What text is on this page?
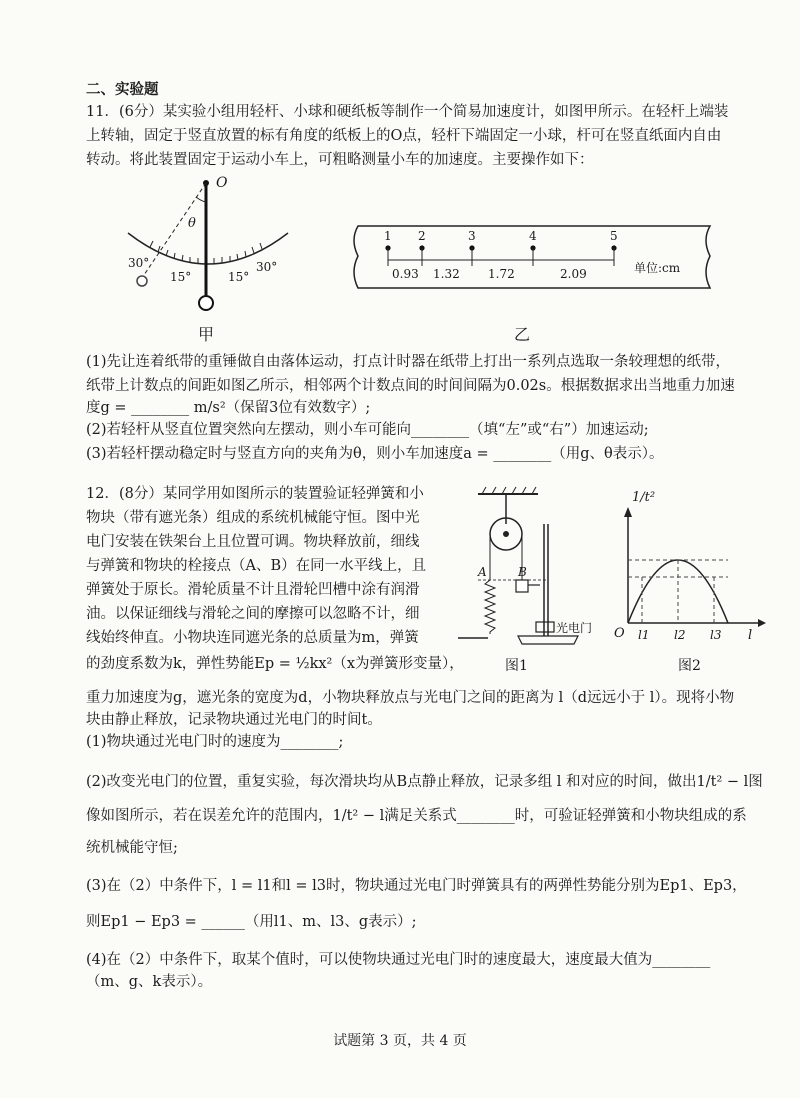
二、实验题
11．(6分）某实验小组用轻杆、小球和硬纸板等制作一个简易加速度计，如图甲所示。在轻杆上端装
上转轴，固定于竖直放置的标有角度的纸板上的O点，轻杆下端固定一小球，杆可在竖直纸面内自由
转动。将此装置固定于运动小车上，可粗略测量小车的加速度。主要操作如下：
O
θ
30°
15°	15°
30°
甲
1 2	3	4	5
0.93 1.32 1.72	2.09	单位:cm
乙
(1)先让连着纸带的重锤做自由落体运动，打点计时器在纸带上打出一系列点选取一条较理想的纸带，
纸带上计数点的间距如图乙所示，相邻两个计数点间的时间间隔为0.02s。根据数据求出当地重力加速
度g = ________ m/s²（保留3位有效数字）;
(2)若轻杆从竖直位置突然向左摆动，则小车可能向________（填“左”或“右”）加速运动;
(3)若轻杆摆动稳定时与竖直方向的夹角为θ，则小车加速度a = ________（用g、θ表示）。
12．(8分）某同学用如图所示的装置验证轻弹簧和小
物块（带有遮光条）组成的系统机械能守恒。图中光
电门安装在铁架台上且位置可调。物块释放前，细线
与弹簧和物块的栓接点（A、B）在同一水平线上，且
弹簧处于原长。滑轮质量不计且滑轮凹槽中涂有润滑
油。以保证细线与滑轮之间的摩擦可以忽略不计，细
线始终伸直。小物块连同遮光条的总质量为m，弹簧
的劲度系数为k，弹性势能Ep = ½kx²（x为弹簧形变量），
A	B
光电门
图1
O l1 l2 l3 l
1/t²
图2
重力加速度为g，遮光条的宽度为d，小物块释放点与光电门之间的距离为 l（d远远小于 l）。现将小物
块由静止释放，记录物块通过光电门的时间t。
(1)物块通过光电门时的速度为________;
(2)改变光电门的位置，重复实验，每次滑块均从B点静止释放，记录多组 l 和对应的时间，做出1/t² − l图
像如图所示，若在误差允许的范围内，1/t² − l满足关系式________时，可验证轻弹簧和小物块组成的系
统机械能守恒;
(3)在（2）中条件下，l = l1和l = l3时，物块通过光电门时弹簧具有的两弹性势能分别为Ep1、Ep3，
则Ep1 − Ep3 = ______（用l1、m、l3、g表示）;
(4)在（2）中条件下，取某个值时，可以使物块通过光电门时的速度最大，速度最大值为________
（m、g、k表示）。
试题第 3 页，共 4 页
